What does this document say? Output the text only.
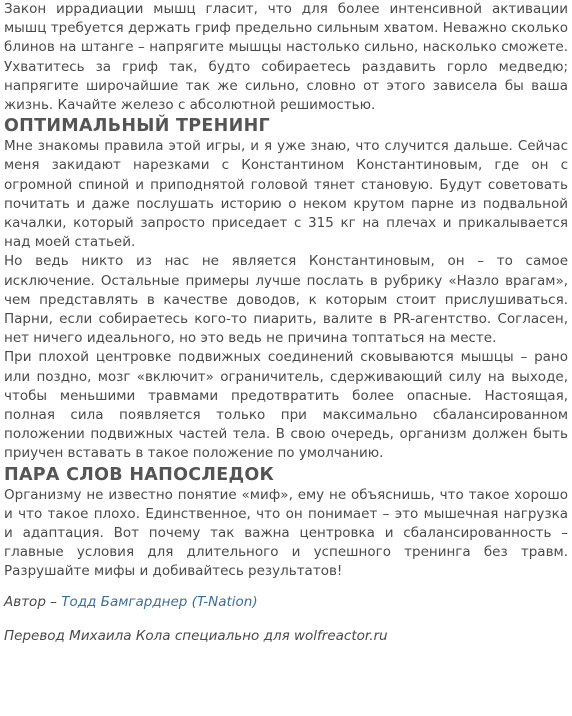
Закон иррадиации мышц гласит, что для более интенсивной активации мышц требуется держать гриф предельно сильным хватом. Неважно сколько блинов на штанге – напрягите мышцы настолько сильно, насколько сможете. Ухватитесь за гриф так, будто собираетесь раздавить горло медведю; напрягите широчайшие так же сильно, словно от этого зависела бы ваша жизнь. Качайте железо с абсолютной решимостью.

ОПТИМАЛЬНЫЙ ТРЕНИНГ

Мне знакомы правила этой игры, и я уже знаю, что случится дальше. Сейчас меня закидают нарезками с Константином Константиновым, где он с огромной спиной и приподнятой головой тянет становую. Будут советовать почитать и даже послушать историю о неком крутом парне из подвальной качалки, который запросто приседает с 315 кг на плечах и прикалывается над моей статьей.

Но ведь никто из нас не является Константиновым, он – то самое исключение. Остальные примеры лучше послать в рубрику «Назло врагам», чем представлять в качестве доводов, к которым стоит прислушиваться. Парни, если собираетесь кого-то пиарить, валите в PR-агентство. Согласен, нет ничего идеального, но это ведь не причина топтаться на месте.

При плохой центровке подвижных соединений сковываются мышцы – рано или поздно, мозг «включит» ограничитель, сдерживающий силу на выходе, чтобы меньшими травмами предотвратить более опасные. Настоящая, полная сила появляется только при максимально сбалансированном положении подвижных частей тела. В свою очередь, организм должен быть приучен вставать в такое положение по умолчанию.

ПАРА СЛОВ НАПОСЛЕДОК

Организму не известно понятие «миф», ему не объяснишь, что такое хорошо и что такое плохо. Единственное, что он понимает – это мышечная нагрузка и адаптация. Вот почему так важна центровка и сбалансированность – главные условия для длительного и успешного тренинга без травм. Разрушайте мифы и добивайтесь результатов!

Автор – Тодд Бамгарднер (T-Nation)

Перевод Михаила Кола специально для wolfreactor.ru
